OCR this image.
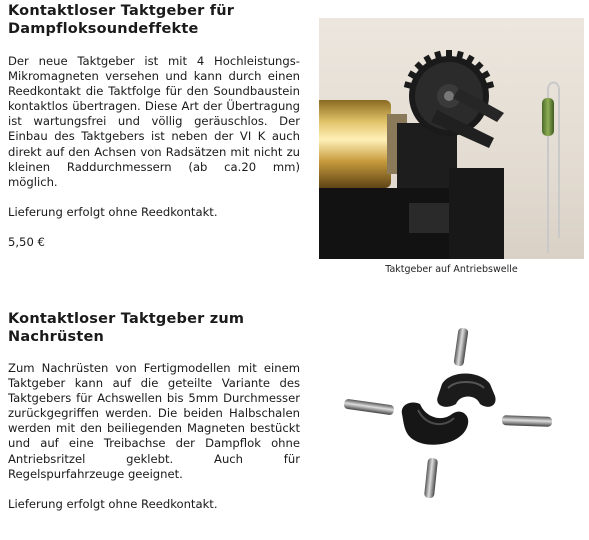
Kontaktloser Taktgeber für
Dampfloksoundeffekte

Der neue Taktgeber ist mit 4 Hochleistungs- Mikromagneten versehen und kann durch einen Reedkontakt die Taktfolge für den Soundbaustein kontaktlos übertragen. Diese Art der Übertragung ist wartungsfrei und völlig geräuschlos. Der Einbau des Taktgebers ist neben der VI K auch direkt auf den Achsen von Radsätzen mit nicht zu kleinen Raddurchmessern (ab ca.20 mm) möglich.

Lieferung erfolgt ohne Reedkontakt.

5,50 €

Taktgeber auf Antriebswelle
Kontaktloser Taktgeber zum
Nachrüsten

Zum Nachrüsten von Fertigmodellen mit einem Taktgeber kann auf die geteilte Variante des Taktgebers für Achswellen bis 5mm Durchmesser zurückgegriffen werden. Die beiden Halbschalen werden mit den beiliegenden Magneten bestückt und auf eine Treibachse der Dampflok ohne Antriebsritzel geklebt. Auch für Regelspurfahrzeuge geeignet.

Lieferung erfolgt ohne Reedkontakt.
